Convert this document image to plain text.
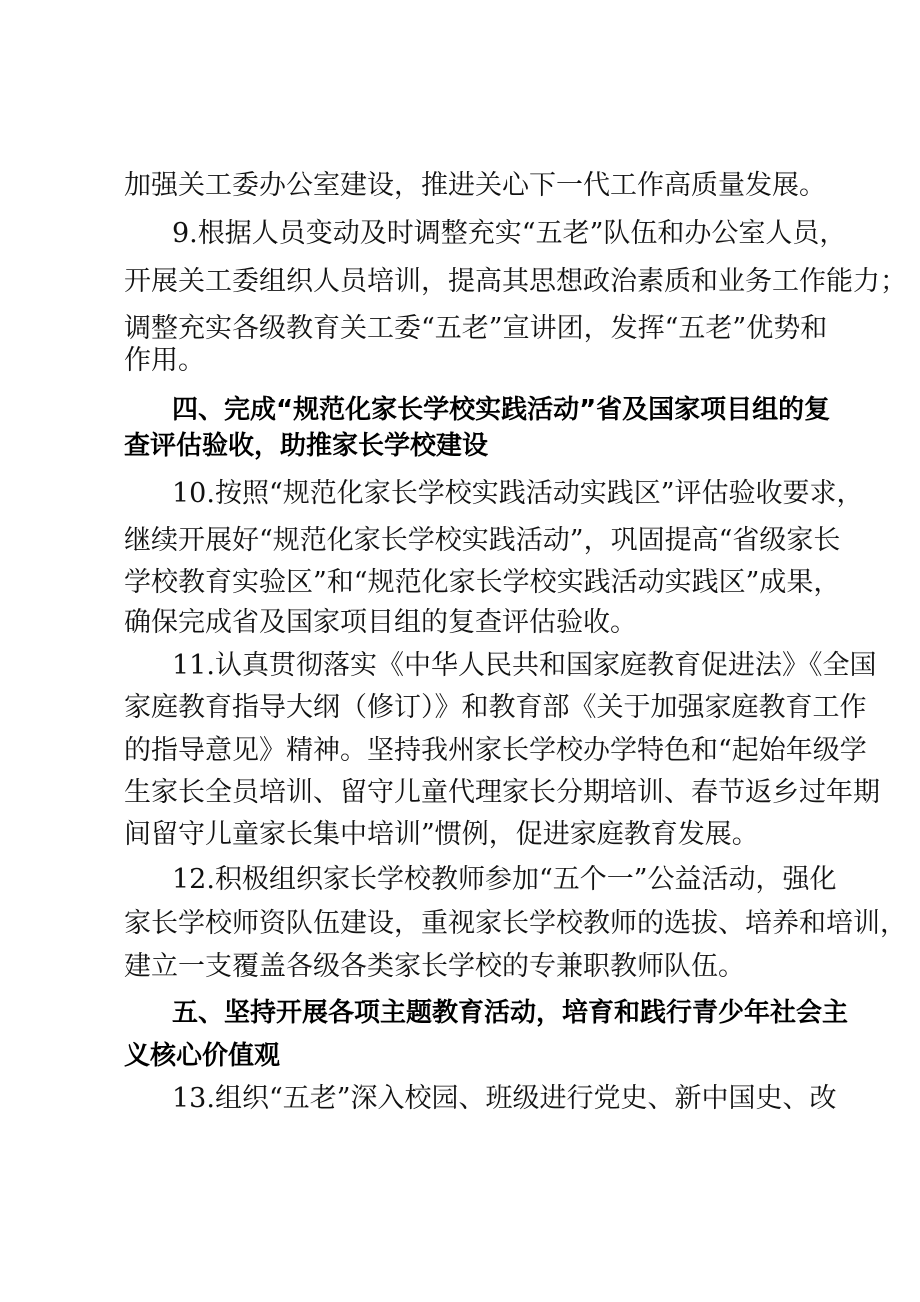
加强关工委办公室建设，推进关心下一代工作高质量发展。
9.根据人员变动及时调整充实“五老”队伍和办公室人员，
开展关工委组织人员培训，提高其思想政治素质和业务工作能力；
调整充实各级教育关工委“五老”宣讲团，发挥“五老”优势和
作用。
四、完成“规范化家长学校实践活动”省及国家项目组的复
查评估验收，助推家长学校建设
10.按照“规范化家长学校实践活动实践区”评估验收要求，
继续开展好“规范化家长学校实践活动”，巩固提高“省级家长
学校教育实验区”和“规范化家长学校实践活动实践区”成果，
确保完成省及国家项目组的复查评估验收。
11.认真贯彻落实《中华人民共和国家庭教育促进法》《全国
家庭教育指导大纲（修订）》和教育部《关于加强家庭教育工作
的指导意见》精神。坚持我州家长学校办学特色和“起始年级学
生家长全员培训、留守儿童代理家长分期培训、春节返乡过年期
间留守儿童家长集中培训”惯例，促进家庭教育发展。
12.积极组织家长学校教师参加“五个一”公益活动，强化
家长学校师资队伍建设，重视家长学校教师的选拔、培养和培训，
建立一支覆盖各级各类家长学校的专兼职教师队伍。
五、坚持开展各项主题教育活动，培育和践行青少年社会主
义核心价值观
13.组织“五老”深入校园、班级进行党史、新中国史、改
